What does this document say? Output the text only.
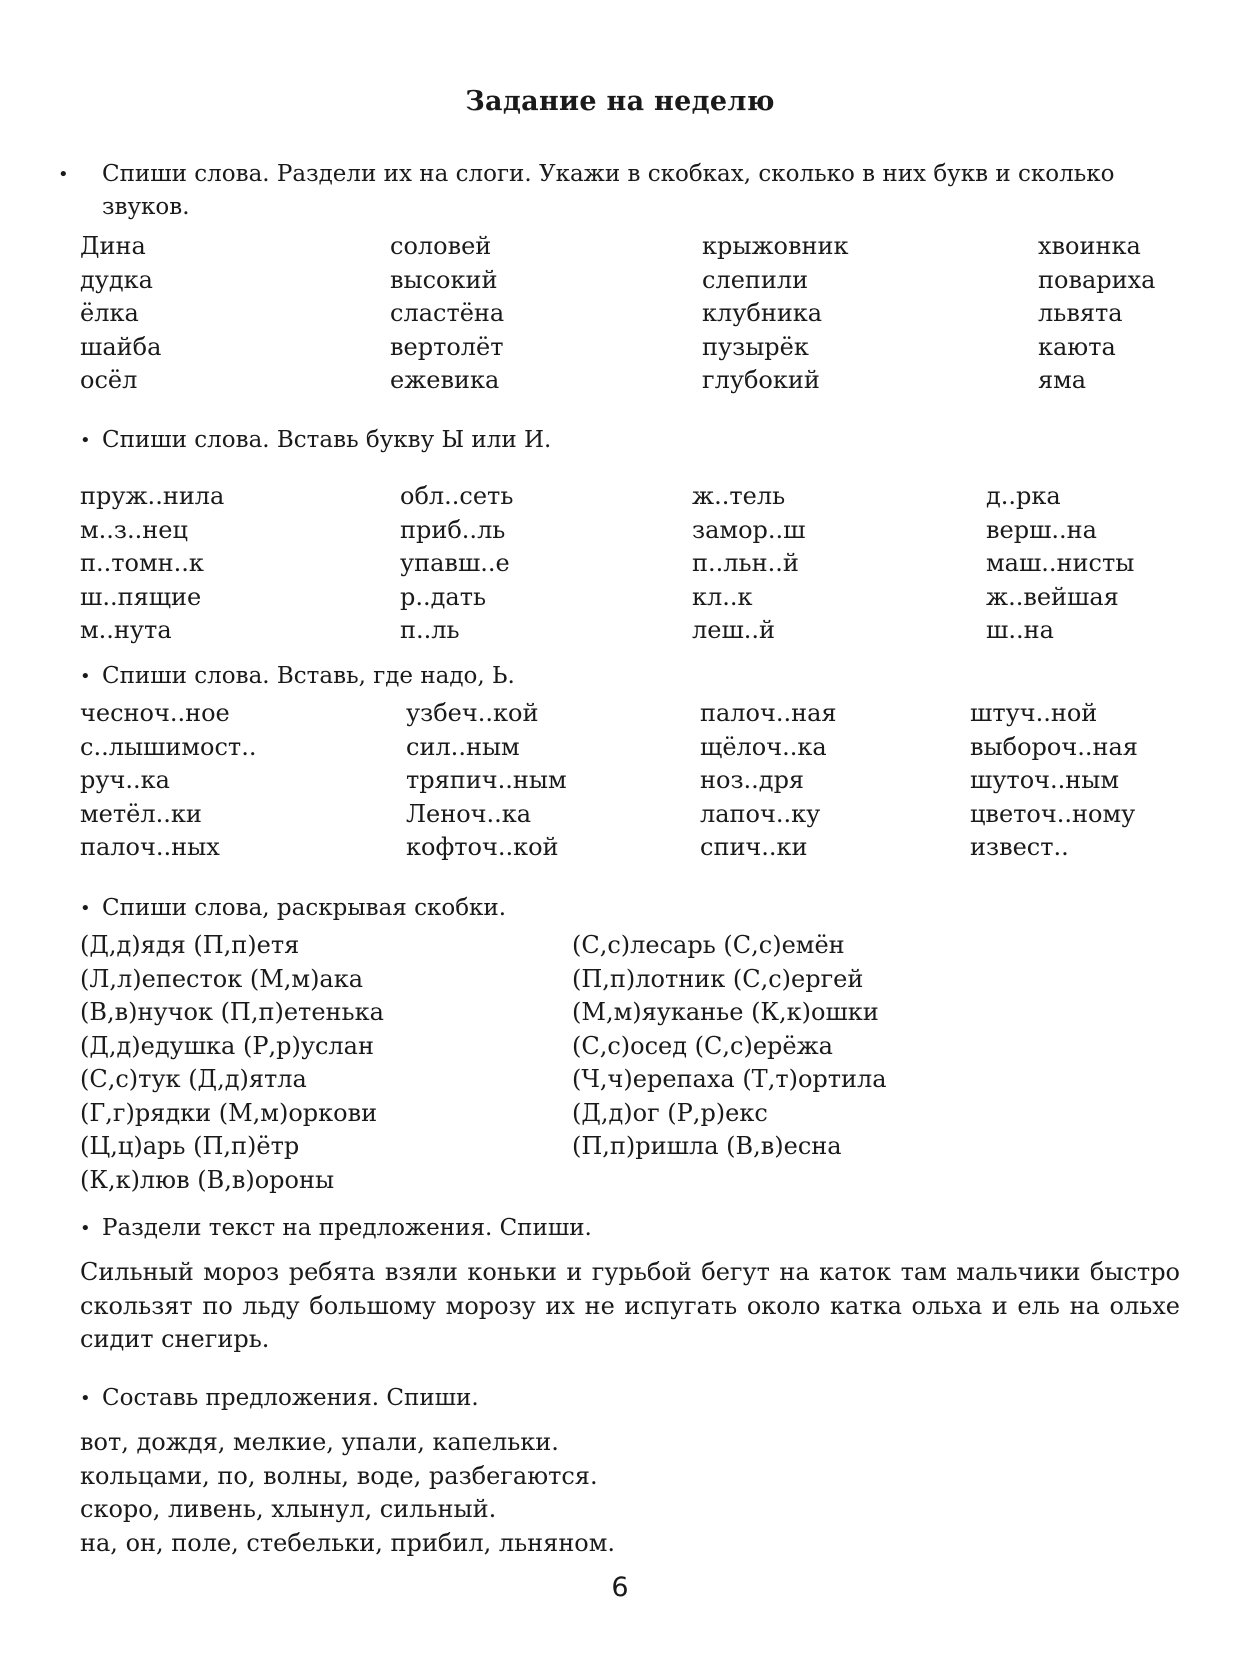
Задание на неделю
• Спиши слова. Раздели их на слоги. Укажи в скобках, сколько в них букв и сколько звуков.
Дина
дудка
ёлка
шайба
осёл
соловей
высокий
сластёна
вертолёт
ежевика
крыжовник
слепили
клубника
пузырёк
глубокий
хвоинка
повариха
львята
каюта
яма
• Спиши слова. Вставь букву Ы или И.
пруж..нила
м..з..нец
п..томн..к
ш..пящие
м..нута
обл..сеть
приб..ль
упавш..е
р..дать
п..ль
ж..тель
замор..ш
п..льн..й
кл..к
леш..й
д..рка
верш..на
маш..нисты
ж..вейшая
ш..на
• Спиши слова. Вставь, где надо, Ь.
чесноч..ное
с..лышимост..
руч..ка
метёл..ки
палоч..ных
узбеч..кой
сил..ным
тряпич..ным
Леноч..ка
кофточ..кой
палоч..ная
щёлоч..ка
ноз..дря
лапоч..ку
спич..ки
штуч..ной
выбороч..ная
шуточ..ным
цветоч..ному
извест..
• Спиши слова, раскрывая скобки.
(Д,д)ядя (П,п)етя
(Л,л)епесток (М,м)ака
(В,в)нучок (П,п)етенька
(Д,д)едушка (Р,р)услан
(С,с)тук (Д,д)ятла
(Г,г)рядки (М,м)оркови
(Ц,ц)арь (П,п)ётр
(К,к)люв (В,в)ороны
(С,с)лесарь (С,с)емён
(П,п)лотник (С,с)ергей
(М,м)яуканье (К,к)ошки
(С,с)осед (С,с)ерёжа
(Ч,ч)ерепаха (Т,т)ортила
(Д,д)ог (Р,р)екс
(П,п)ришла (В,в)есна
• Раздели текст на предложения. Спиши.
Сильный мороз ребята взяли коньки и гурьбой бегут на каток там мальчики быстро скользят по льду большому морозу их не испугать около катка ольха и ель на ольхе сидит снегирь.
• Составь предложения. Спиши.
вот, дождя, мелкие, упали, капельки.
кольцами, по, волны, воде, разбегаются.
скоро, ливень, хлынул, сильный.
на, он, поле, стебельки, прибил, льняном.
6
